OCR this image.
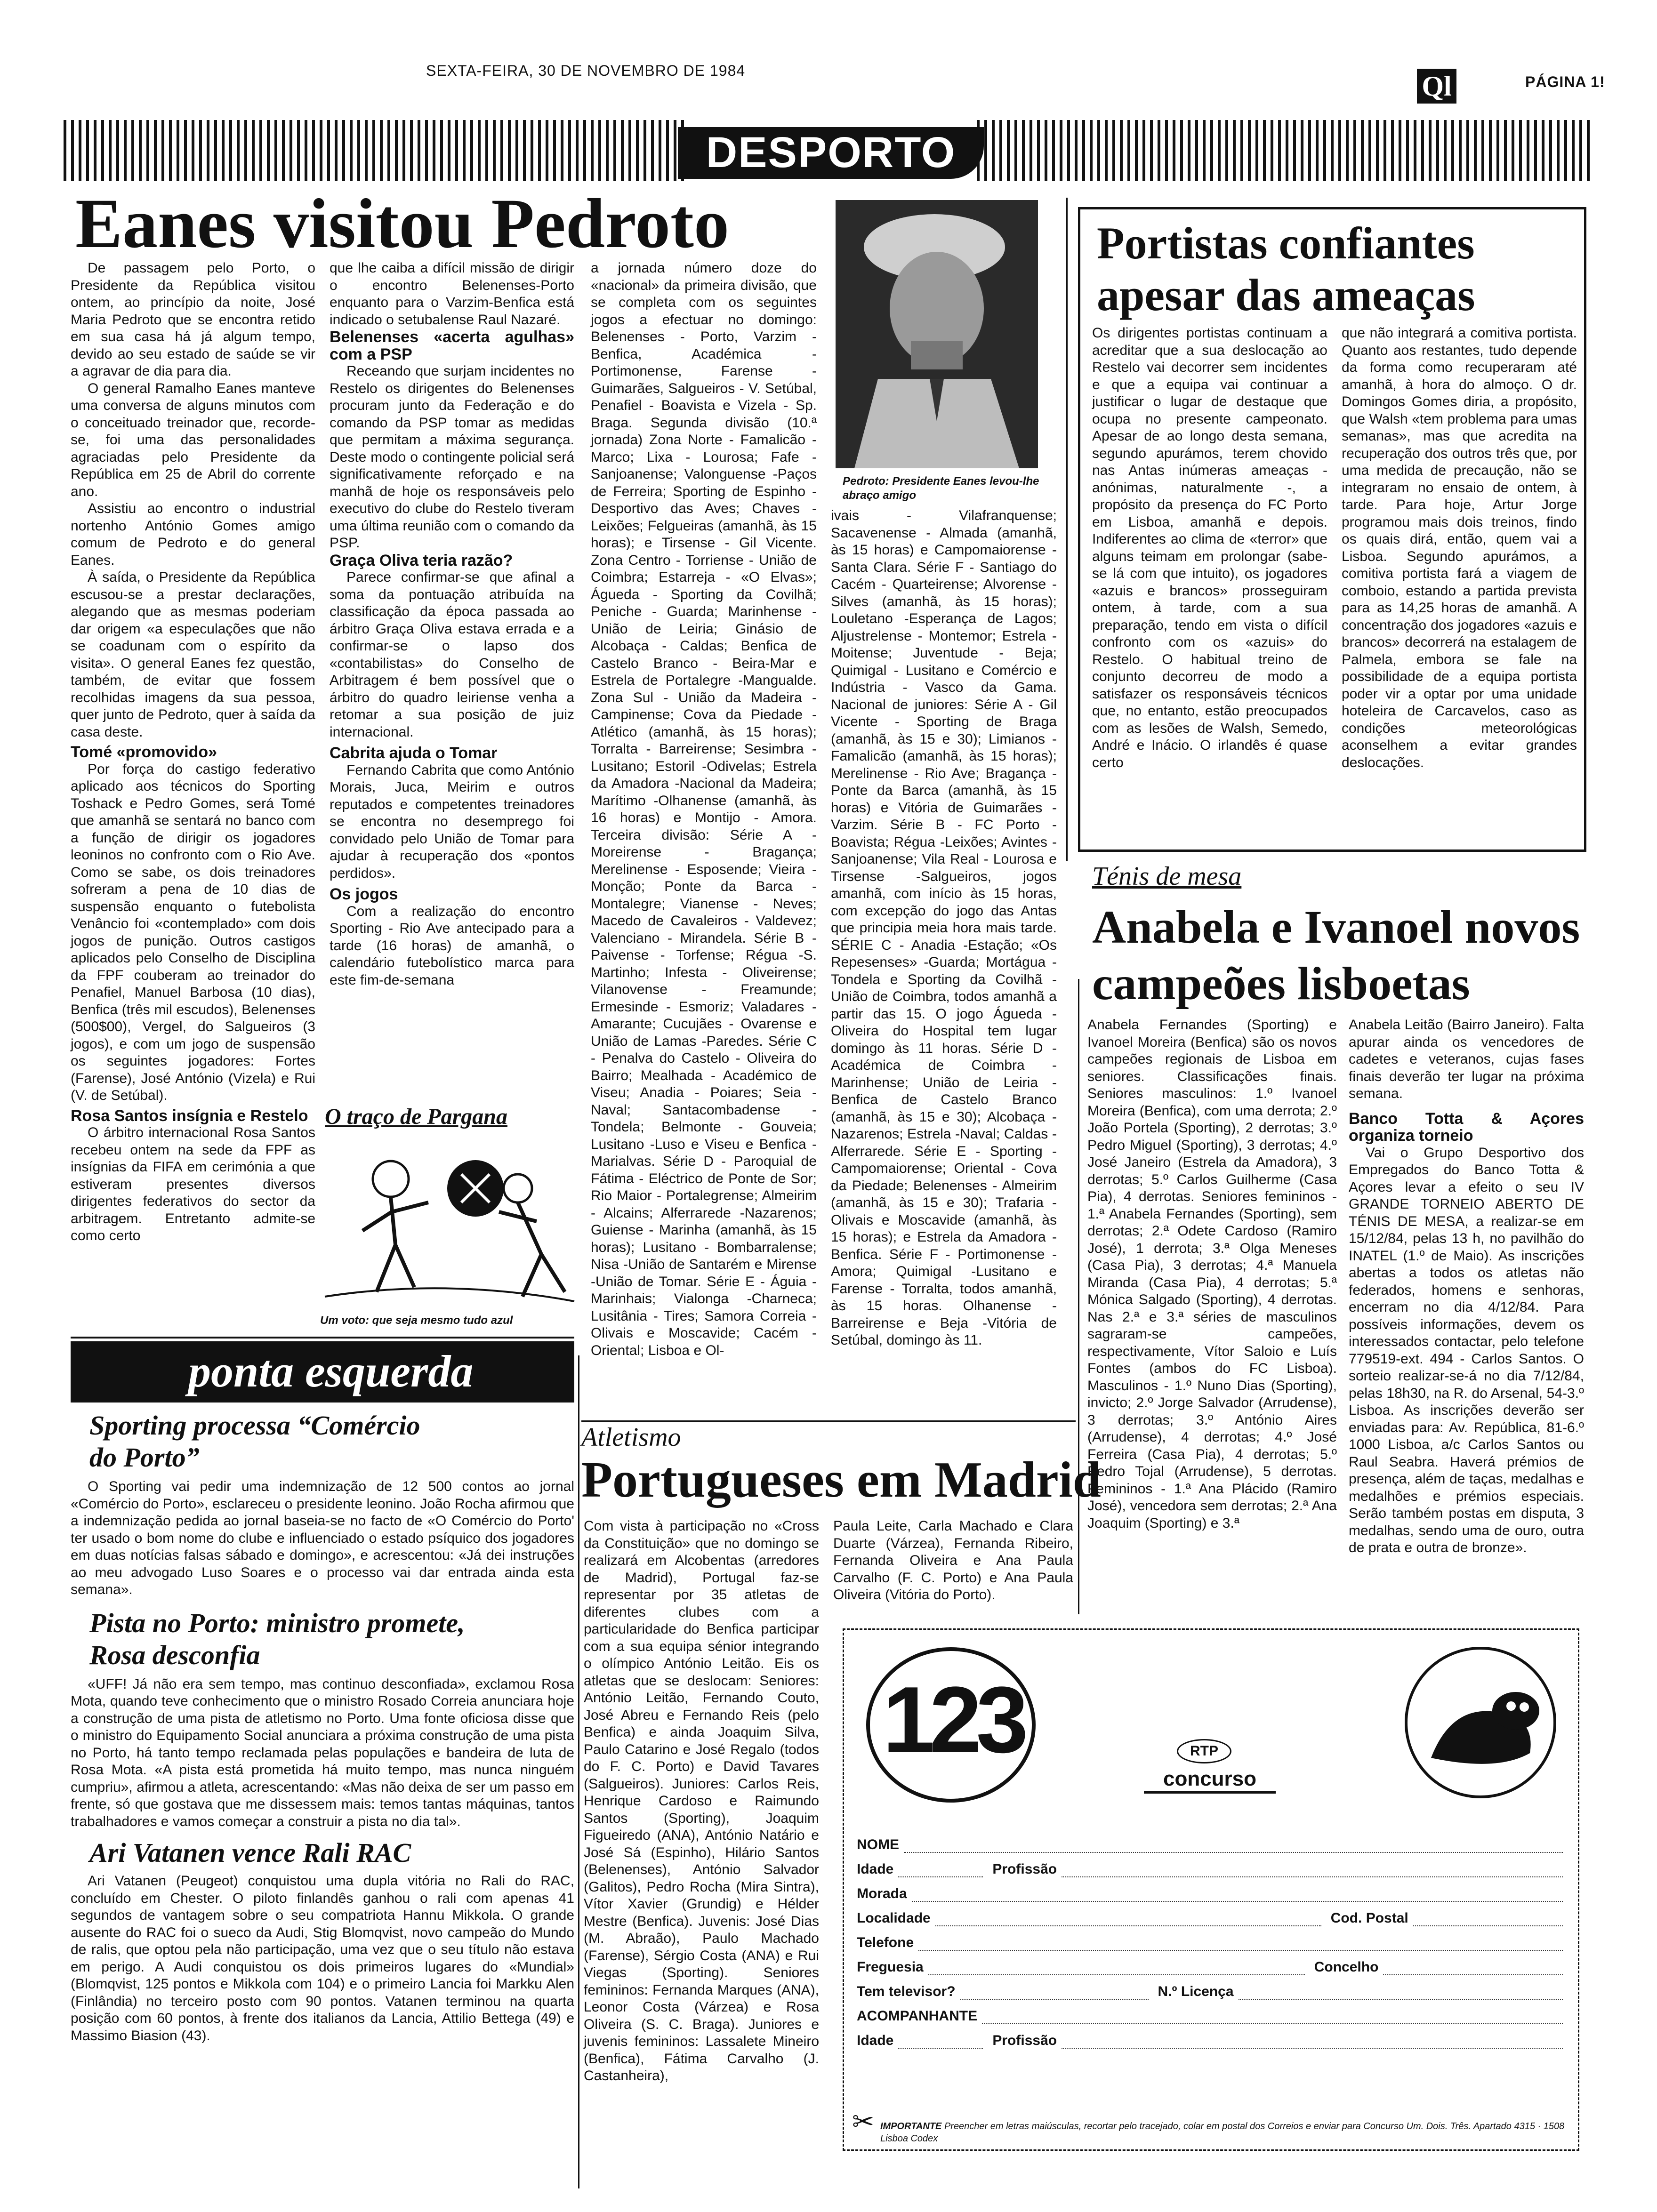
SEXTA-FEIRA, 30 DE NOVEMBRO DE 1984	Ql	PÁGINA 1!
DESPORTO
Eanes visitou Pedroto

De passagem pelo Porto, o Presidente da República visitou ontem, ao princípio da noite, José Maria Pedroto que se encontra retido em sua casa há já algum tempo, devido ao seu estado de saúde se vir a agravar de dia para dia.

O general Ramalho Eanes manteve uma conversa de alguns minutos com o conceituado treinador que, recorde-se, foi uma das personalidades agraciadas pelo Presidente da República em 25 de Abril do corrente ano.

Assistiu ao encontro o industrial nortenho António Gomes amigo comum de Pedroto e do general Eanes.

À saída, o Presidente da República escusou-se a prestar declarações, alegando que as mesmas poderiam dar origem «a especulações que não se coadunam com o espírito da visita». O general Eanes fez questão, também, de evitar que fossem recolhidas imagens da sua pessoa, quer junto de Pedroto, quer à saída da casa deste.

Tomé «promovido»

Por força do castigo federativo aplicado aos técnicos do Sporting Toshack e Pedro Gomes, será Tomé que amanhã se sentará no banco com a função de dirigir os jogadores leoninos no confronto com o Rio Ave. Como se sabe, os dois treinadores sofreram a pena de 10 dias de suspensão enquanto o futebolista Venâncio foi «contemplado» com dois jogos de punição. Outros castigos aplicados pelo Conselho de Disciplina da FPF couberam ao treinador do Penafiel, Manuel Barbosa (10 dias), Benfica (três mil escudos), Belenenses (500$00), Vergel, do Salgueiros (3 jogos), e com um jogo de suspensão os seguintes jogadores: Fortes (Farense), José António (Vizela) e Rui (V. de Setúbal).

Rosa Santos insígnia e Restelo

O árbitro internacional Rosa Santos recebeu ontem na sede da FPF as insígnias da FIFA em cerimónia a que estiveram presentes diversos dirigentes federativos do sector da arbitragem. Entretanto admite-se como certo

que lhe caiba a difícil missão de dirigir o encontro Belenenses-Porto enquanto para o Varzim-Benfica está indicado o setubalense Raul Nazaré.

Belenenses «acerta agulhas» com a PSP

Receando que surjam incidentes no Restelo os dirigentes do Belenenses procuram junto da Federação e do comando da PSP tomar as medidas que permitam a máxima segurança. Deste modo o contingente policial será significativamente reforçado e na manhã de hoje os responsáveis pelo executivo do clube do Restelo tiveram uma última reunião com o comando da PSP.

Graça Oliva teria razão?

Parece confirmar-se que afinal a soma da pontuação atribuída na classificação da época passada ao árbitro Graça Oliva estava errada e a confirmar-se o lapso dos «contabilistas» do Conselho de Arbitragem é bem possível que o árbitro do quadro leiriense venha a retomar a sua posição de juiz internacional.

Cabrita ajuda o Tomar

Fernando Cabrita que como António Morais, Juca, Meirim e outros reputados e competentes treinadores se encontra no desemprego foi convidado pelo União de Tomar para ajudar à recuperação dos «pontos perdidos».

Os jogos

Com a realização do encontro Sporting - Rio Ave antecipado para a tarde (16 horas) de amanhã, o calendário futebolístico marca para este fim-de-semana

O traço de Pargana
Um voto: que seja mesmo tudo azul
a jornada número doze do «nacional» da primeira divisão, que se completa com os seguintes jogos a efectuar no domingo: Belenenses - Porto, Varzim - Benfica, Académica - Portimonense, Farense - Guimarães, Salgueiros - V. Setúbal, Penafiel - Boavista e Vizela - Sp. Braga. Segunda divisão (10.ª jornada) Zona Norte - Famalicão -Marco; Lixa - Lourosa; Fafe -Sanjoanense; Valonguense -Paços de Ferreira; Sporting de Espinho - Desportivo das Aves; Chaves - Leixões; Felgueiras (amanhã, às 15 horas); e Tirsense - Gil Vicente. Zona Centro - Torriense - União de Coimbra; Estarreja - «O Elvas»; Águeda - Sporting da Covilhã; Peniche - Guarda; Marinhense - União de Leiria; Ginásio de Alcobaça - Caldas; Benfica de Castelo Branco - Beira-Mar e Estrela de Portalegre -Mangualde. Zona Sul - União da Madeira - Campinense; Cova da Piedade - Atlético (amanhã, às 15 horas); Torralta - Barreirense; Sesimbra - Lusitano; Estoril -Odivelas; Estrela da Amadora -Nacional da Madeira; Marítimo -Olhanense (amanhã, às 16 horas) e Montijo - Amora. Terceira divisão: Série A - Moreirense - Bragança; Merelinense - Esposende; Vieira -Monção; Ponte da Barca - Montalegre; Vianense - Neves; Macedo de Cavaleiros - Valdevez; Valenciano - Mirandela. Série B - Paivense - Torfense; Régua -S. Martinho; Infesta - Oliveirense; Vilanovense - Freamunde; Ermesinde - Esmoriz; Valadares - Amarante; Cucujães - Ovarense e União de Lamas -Paredes. Série C - Penalva do Castelo - Oliveira do Bairro; Mealhada - Académico de Viseu; Anadia - Poiares; Seia - Naval; Santacombadense - Tondela; Belmonte - Gouveia; Lusitano -Luso e Viseu e Benfica -Marialvas. Série D - Paroquial de Fátima - Eléctrico de Ponte de Sor; Rio Maior - Portalegrense; Almeirim - Alcains; Alferrarede -Nazarenos; Guiense - Marinha (amanhã, às 15 horas); Lusitano - Bombarralense; Nisa -União de Santarém e Mirense -União de Tomar. Série E - Águia - Marinhais; Vialonga -Charneca; Lusitânia - Tires; Samora Correia - Olivais e Moscavide; Cacém - Oriental; Lisboa e Ol-
Pedroto: Presidente Eanes levou-lhe abraço amigo
ivais - Vilafranquense; Sacavenense - Almada (amanhã, às 15 horas) e Campomaiorense -Santa Clara. Série F - Santiago do Cacém - Quarteirense; Alvorense - Silves (amanhã, às 15 horas); Louletano -Esperança de Lagos; Aljustrelense - Montemor; Estrela - Moitense; Juventude - Beja; Quimigal - Lusitano e Comércio e Indústria - Vasco da Gama. Nacional de juniores: Série A - Gil Vicente - Sporting de Braga (amanhã, às 15 e 30); Limianos - Famalicão (amanhã, às 15 horas); Merelinense - Rio Ave; Bragança - Ponte da Barca (amanhã, às 15 horas) e Vitória de Guimarães - Varzim. Série B - FC Porto - Boavista; Régua -Leixões; Avintes - Sanjoanense; Vila Real - Lourosa e Tirsense -Salgueiros, jogos amanhã, com início às 15 horas, com excepção do jogo das Antas que principia meia hora mais tarde. SÉRIE C - Anadia -Estação; «Os Repesenses» -Guarda; Mortágua - Tondela e Sporting da Covilhã - União de Coimbra, todos amanhã a partir das 15. O jogo Águeda - Oliveira do Hospital tem lugar domingo às 11 horas. Série D - Académica de Coimbra - Marinhense; União de Leiria - Benfica de Castelo Branco (amanhã, às 15 e 30); Alcobaça - Nazarenos; Estrela -Naval; Caldas - Alferrarede. Série E - Sporting - Campomaiorense; Oriental - Cova da Piedade; Belenenses - Almeirim (amanhã, às 15 e 30); Trafaria -Olivais e Moscavide (amanhã, às 15 horas); e Estrela da Amadora - Benfica. Série F - Portimonense - Amora; Quimigal -Lusitano e Farense - Torralta, todos amanhã, às 15 horas. Olhanense - Barreirense e Beja -Vitória de Setúbal, domingo às 11.
Portistas confiantes apesar das ameaças
Os dirigentes portistas continuam a acreditar que a sua deslocação ao Restelo vai decorrer sem incidentes e que a equipa vai continuar a justificar o lugar de destaque que ocupa no presente campeonato. Apesar de ao longo desta semana, segundo apurámos, terem chovido nas Antas inúmeras ameaças - anónimas, naturalmente -, a propósito da presença do FC Porto em Lisboa, amanhã e depois. Indiferentes ao clima de «terror» que alguns teimam em prolongar (sabe-se lá com que intuito), os jogadores «azuis e brancos» prosseguiram ontem, à tarde, com a sua preparação, tendo em vista o difícil confronto com os «azuis» do Restelo. O habitual treino de conjunto decorreu de modo a satisfazer os responsáveis técnicos que, no entanto, estão preocupados com as lesões de Walsh, Semedo, André e Inácio. O irlandês é quase certo
que não integrará a comitiva portista. Quanto aos restantes, tudo depende da forma como recuperaram até amanhã, à hora do almoço. O dr. Domingos Gomes diria, a propósito, que Walsh «tem problema para umas semanas», mas que acredita na recuperação dos outros três que, por uma medida de precaução, não se integraram no ensaio de ontem, à tarde. Para hoje, Artur Jorge programou mais dois treinos, findo os quais dirá, então, quem vai a Lisboa. Segundo apurámos, a comitiva portista fará a viagem de comboio, estando a partida prevista para as 14,25 horas de amanhã. A concentração dos jogadores «azuis e brancos» decorrerá na estalagem de Palmela, embora se fale na possibilidade de a equipa portista poder vir a optar por uma unidade hoteleira de Carcavelos, caso as condições meteorológicas aconselhem a evitar grandes deslocações.
Ténis de mesa
Anabela e Ivanoel novos campeões lisboetas
Anabela Fernandes (Sporting) e Ivanoel Moreira (Benfica) são os novos campeões regionais de Lisboa em seniores. Classificações finais. Seniores masculinos: 1.º Ivanoel Moreira (Benfica), com uma derrota; 2.º João Portela (Sporting), 2 derrotas; 3.º Pedro Miguel (Sporting), 3 derrotas; 4.º José Janeiro (Estrela da Amadora), 3 derrotas; 5.º Carlos Guilherme (Casa Pia), 4 derrotas. Seniores femininos - 1.ª Anabela Fernandes (Sporting), sem derrotas; 2.ª Odete Cardoso (Ramiro José), 1 derrota; 3.ª Olga Meneses (Casa Pia), 3 derrotas; 4.ª Manuela Miranda (Casa Pia), 4 derrotas; 5.ª Mónica Salgado (Sporting), 4 derrotas. Nas 2.ª e 3.ª séries de masculinos sagraram-se campeões, respectivamente, Vítor Saloio e Luís Fontes (ambos do FC Lisboa). Masculinos - 1.º Nuno Dias (Sporting), invicto; 2.º Jorge Salvador (Arrudense), 3 derrotas; 3.º António Aires (Arrudense), 4 derrotas; 4.º José Ferreira (Casa Pia), 4 derrotas; 5.º Pedro Tojal (Arrudense), 5 derrotas. Femininos - 1.ª Ana Plácido (Ramiro José), vencedora sem derrotas; 2.ª Ana Joaquim (Sporting) e 3.ª

Anabela Leitão (Bairro Janeiro). Falta apurar ainda os vencedores de cadetes e veteranos, cujas fases finais deverão ter lugar na próxima semana.

Banco Totta & Açores organiza torneio

Vai o Grupo Desportivo dos Empregados do Banco Totta & Açores levar a efeito o seu IV GRANDE TORNEIO ABERTO DE TÉNIS DE MESA, a realizar-se em 15/12/84, pelas 13 h, no pavilhão do INATEL (1.º de Maio). As inscrições abertas a todos os atletas não federados, homens e senhoras, encerram no dia 4/12/84. Para possíveis informações, devem os interessados contactar, pelo telefone 779519-ext. 494 - Carlos Santos. O sorteio realizar-se-á no dia 7/12/84, pelas 18h30, na R. do Arsenal, 54-3.º Lisboa. As inscrições deverão ser enviadas para: Av. República, 81-6.º 1000 Lisboa, a/c Carlos Santos ou Raul Seabra. Haverá prémios de presença, além de taças, medalhas e medalhões e prémios especiais. Serão também postas em disputa, 3 medalhas, sendo uma de ouro, outra de prata e outra de bronze».

ponta esquerda
Sporting processa “Comércio do Porto”
O Sporting vai pedir uma indemnização de 12 500 contos ao jornal «Comércio do Porto», esclareceu o presidente leonino. João Rocha afirmou que a indemnização pedida ao jornal baseia-se no facto de «O Comércio do Porto' ter usado o bom nome do clube e influenciado o estado psíquico dos jogadores em duas notícias falsas sábado e domingo», e acrescentou: «Já dei instruções ao meu advogado Luso Soares e o processo vai dar entrada ainda esta semana».
Pista no Porto: ministro promete, Rosa desconfia
«UFF! Já não era sem tempo, mas continuo desconfiada», exclamou Rosa Mota, quando teve conhecimento que o ministro Rosado Correia anunciara hoje a construção de uma pista de atletismo no Porto. Uma fonte oficiosa disse que o ministro do Equipamento Social anunciara a próxima construção de uma pista no Porto, há tanto tempo reclamada pelas populações e bandeira de luta de Rosa Mota. «A pista está prometida há muito tempo, mas nunca ninguém cumpriu», afirmou a atleta, acrescentando: «Mas não deixa de ser um passo em frente, só que gostava que me dissessem mais: temos tantas máquinas, tantos trabalhadores e vamos começar a construir a pista no dia tal».
Ari Vatanen vence Rali RAC
Ari Vatanen (Peugeot) conquistou uma dupla vitória no Rali do RAC, concluído em Chester. O piloto finlandês ganhou o rali com apenas 41 segundos de vantagem sobre o seu compatriota Hannu Mikkola. O grande ausente do RAC foi o sueco da Audi, Stig Blomqvist, novo campeão do Mundo de ralis, que optou pela não participação, uma vez que o seu título não estava em perigo. A Audi conquistou os dois primeiros lugares do «Mundial» (Blomqvist, 125 pontos e Mikkola com 104) e o primeiro Lancia foi Markku Alen (Finlândia) no terceiro posto com 90 pontos. Vatanen terminou na quarta posição com 60 pontos, à frente dos italianos da Lancia, Attilio Bettega (49) e Massimo Biasion (43).
Atletismo
Portugueses em Madrid
Com vista à participação no «Cross da Constituição» que no domingo se realizará em Alcobentas (arredores de Madrid), Portugal faz-se representar por 35 atletas de diferentes clubes com a particularidade do Benfica participar com a sua equipa sénior integrando o olímpico António Leitão. Eis os atletas que se deslocam: Seniores: António Leitão, Fernando Couto, José Abreu e Fernando Reis (pelo Benfica) e ainda Joaquim Silva, Paulo Catarino e José Regalo (todos do F. C. Porto) e David Tavares (Salgueiros). Juniores: Carlos Reis, Henrique Cardoso e Raimundo Santos (Sporting), Joaquim Figueiredo (ANA), António Natário e José Sá (Espinho), Hilário Santos (Belenenses), António Salvador (Galitos), Pedro Rocha (Mira Sintra), Vítor Xavier (Grundig) e Hélder Mestre (Benfica). Juvenis: José Dias (M. Abraão), Paulo Machado (Farense), Sérgio Costa (ANA) e Rui Viegas (Sporting). Seniores femininos: Fernanda Marques (ANA), Leonor Costa (Várzea) e Rosa Oliveira (S. C. Braga). Juniores e juvenis femininos: Lassalete Mineiro (Benfica), Fátima Carvalho (J. Castanheira),
Paula Leite, Carla Machado e Clara Duarte (Várzea), Fernanda Ribeiro, Fernanda Oliveira e Ana Paula Carvalho (F. C. Porto) e Ana Paula Oliveira (Vitória do Porto).
123	RTP
concurso
NOME
Idade	Profissão
Morada
Localidade	Cod. Postal
Telefone
Freguesia	Concelho
Tem televisor?	N.º Licença
ACOMPANHANTE
Idade	Profissão
✂ IMPORTANTE Preencher em letras maiúsculas, recortar pelo tracejado, colar em postal dos Correios e enviar para Concurso Um. Dois. Três. Apartado 4315 · 1508 Lisboa Codex
